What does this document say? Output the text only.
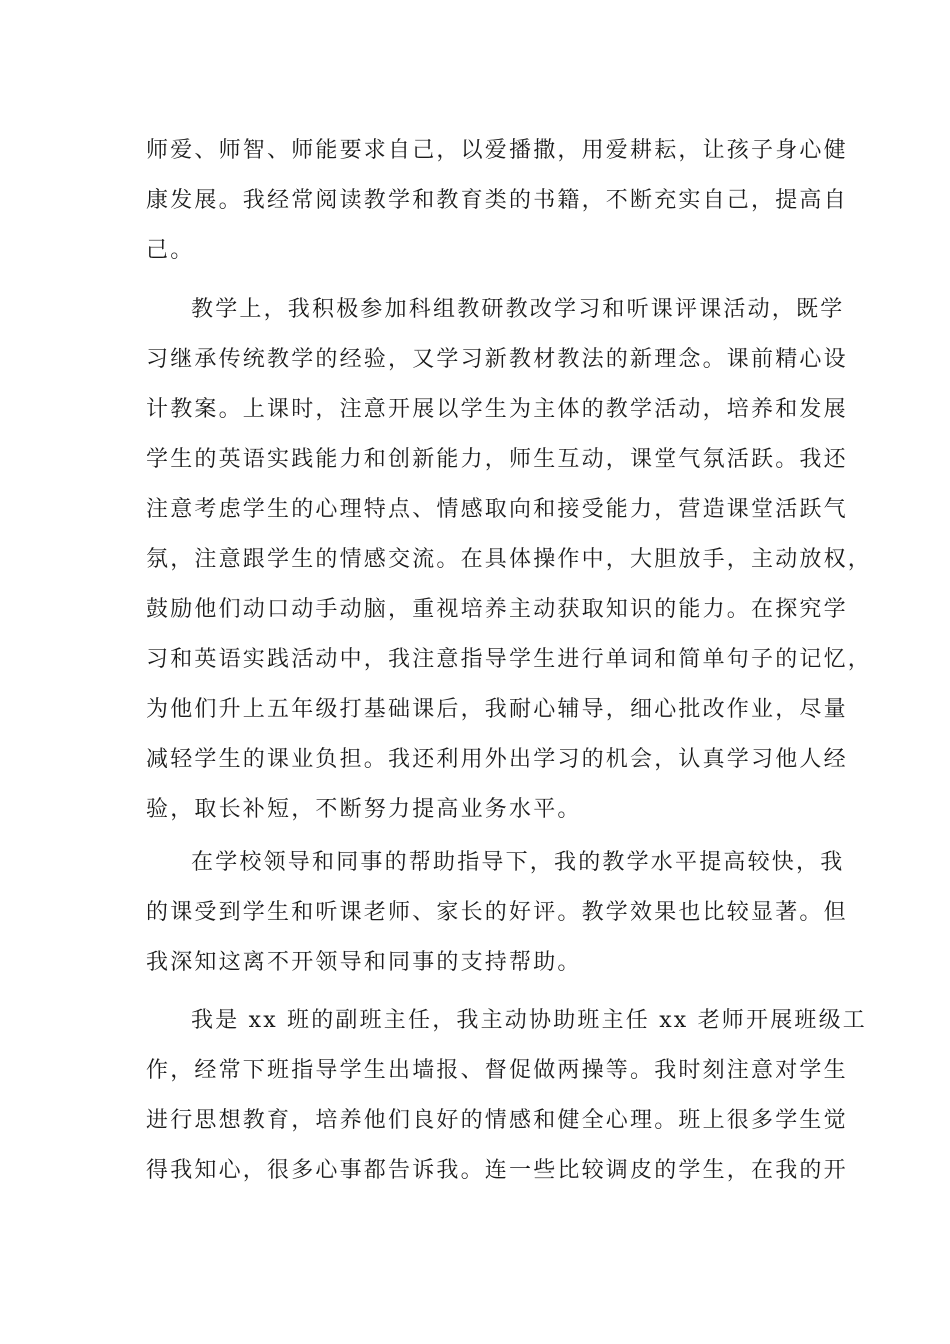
师爱、师智、师能要求自己，以爱播撒，用爱耕耘，让孩子身心健
康发展。我经常阅读教学和教育类的书籍，不断充实自己，提高自
己。
教学上，我积极参加科组教研教改学习和听课评课活动，既学
习继承传统教学的经验，又学习新教材教法的新理念。课前精心设
计教案。上课时，注意开展以学生为主体的教学活动，培养和发展
学生的英语实践能力和创新能力，师生互动，课堂气氛活跃。我还
注意考虑学生的心理特点、情感取向和接受能力，营造课堂活跃气
氛，注意跟学生的情感交流。在具体操作中，大胆放手，主动放权，
鼓励他们动口动手动脑，重视培养主动获取知识的能力。在探究学
习和英语实践活动中，我注意指导学生进行单词和简单句子的记忆，
为他们升上五年级打基础课后，我耐心辅导，细心批改作业，尽量
减轻学生的课业负担。我还利用外出学习的机会，认真学习他人经
验，取长补短，不断努力提高业务水平。
在学校领导和同事的帮助指导下，我的教学水平提高较快，我
的课受到学生和听课老师、家长的好评。教学效果也比较显著。但
我深知这离不开领导和同事的支持帮助。
我是 xx 班的副班主任，我主动协助班主任 xx 老师开展班级工
作，经常下班指导学生出墙报、督促做两操等。我时刻注意对学生
进行思想教育，培养他们良好的情感和健全心理。班上很多学生觉
得我知心，很多心事都告诉我。连一些比较调皮的学生，在我的开
